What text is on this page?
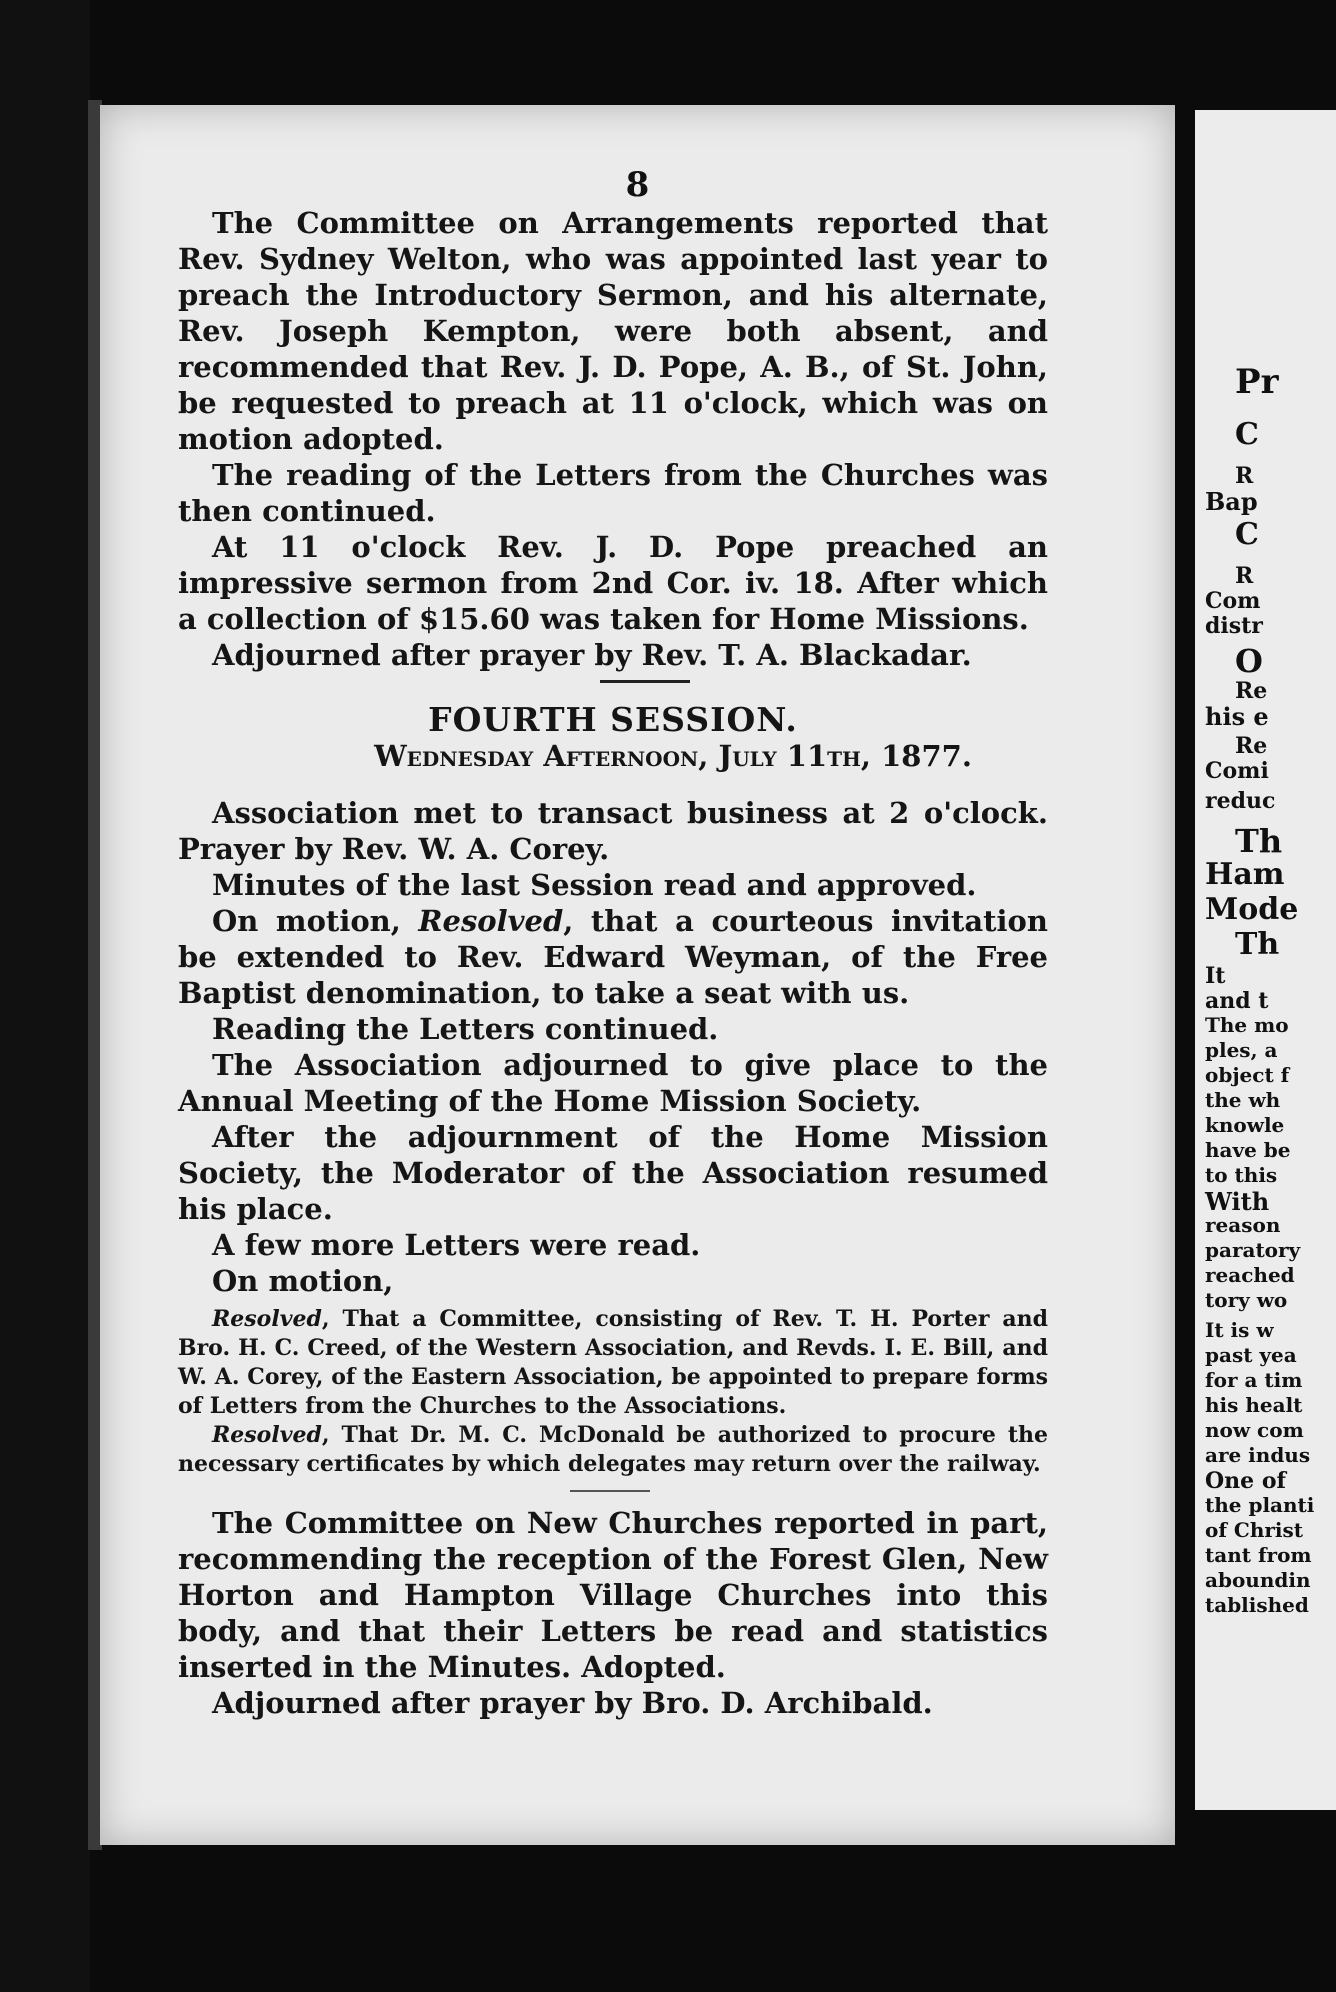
8

The Committee on Arrangements reported that Rev. Sydney Welton, who was appointed last year to preach the Introductory Sermon, and his alternate, Rev. Joseph Kempton, were both absent, and recommended that Rev. J. D. Pope, A. B., of St. John, be requested to preach at 11 o'clock, which was on motion adopted.

The reading of the Letters from the Churches was then continued.

At 11 o'clock Rev. J. D. Pope preached an impressive sermon from 2nd Cor. iv. 18. After which a collection of $15.60 was taken for Home Missions.

Adjourned after prayer by Rev. T. A. Blackadar.

FOURTH SESSION.
Wednesday Afternoon, July 11th, 1877.

Association met to transact business at 2 o'clock. Prayer by Rev. W. A. Corey.

Minutes of the last Session read and approved.

On motion, Resolved, that a courteous invitation be extended to Rev. Edward Weyman, of the Free Baptist denomination, to take a seat with us.

Reading the Letters continued.

The Association adjourned to give place to the Annual Meeting of the Home Mission Society.

After the adjournment of the Home Mission Society, the Moderator of the Association resumed his place.

A few more Letters were read.

On motion,

Resolved, That a Committee, consisting of Rev. T. H. Porter and Bro. H. C. Creed, of the Western Association, and Revds. I. E. Bill, and W. A. Corey, of the Eastern Association, be appointed to prepare forms of Letters from the Churches to the Associations.

Resolved, That Dr. M. C. McDonald be authorized to procure the necessary certificates by which delegates may return over the railway.

The Committee on New Churches reported in part, recommending the reception of the Forest Glen, New Horton and Hampton Village Churches into this body, and that their Letters be read and statistics inserted in the Minutes. Adopted.

Adjourned after prayer by Bro. D. Archibald.

Pr
C
R
Bap
C
R
Com
distr
O
Re
his e
Re
Comi
reduc
Th
Ham
Mode
Th
It
and t
The mo
ples, a
object f
the wh
knowle
have be
to this
With
reason
paratory
reached
tory wo
It is w
past yea
for a tim
his healt
now com
are indus
One of
the planti
of Christ
tant from
aboundin
tablished
